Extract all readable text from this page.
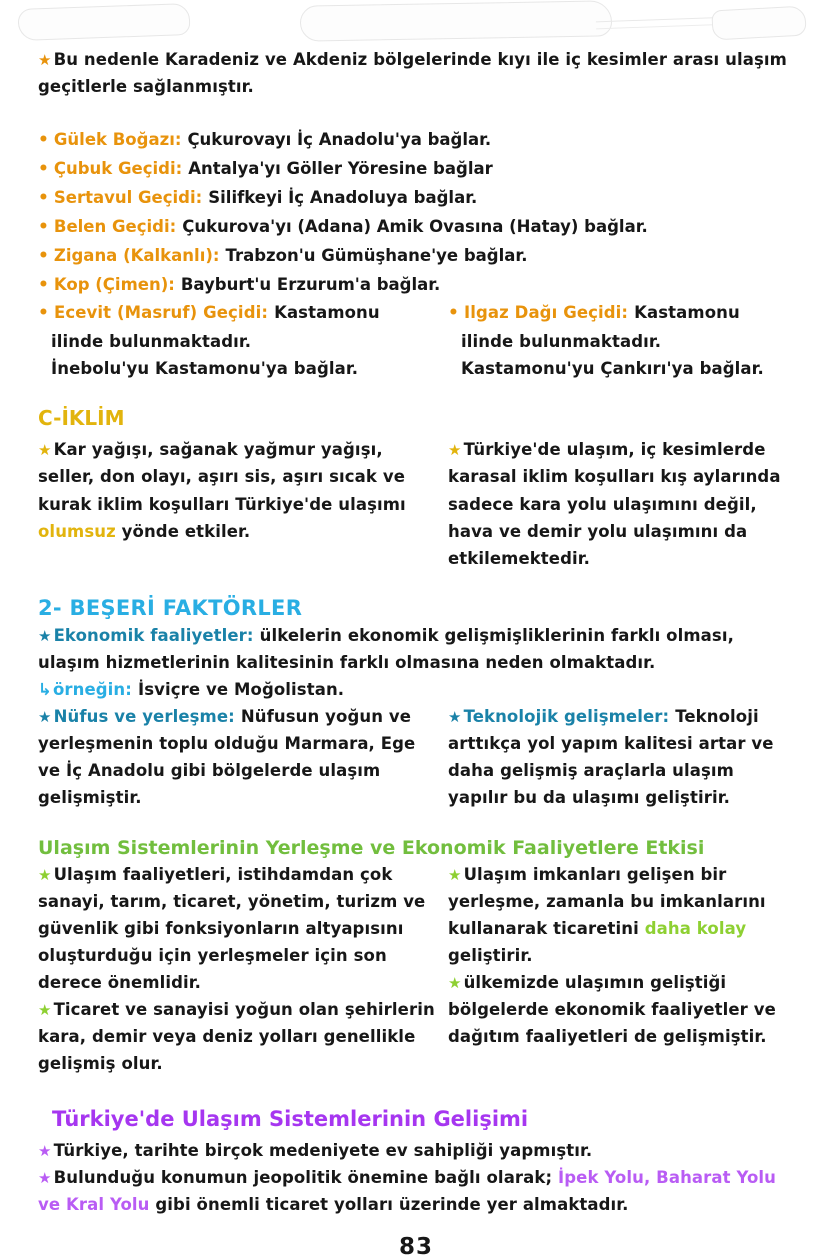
★ Bu nedenle Karadeniz ve Akdeniz bölgelerinde kıyı ile iç kesimler arası ulaşım geçitlerle sağlanmıştır.

• Gülek Boğazı: Çukurovayı İç Anadolu'ya bağlar.
• Çubuk Geçidi: Antalya'yı Göller Yöresine bağlar
• Sertavul Geçidi: Silifkeyi İç Anadoluya bağlar.
• Belen Geçidi: Çukurova'yı (Adana) Amik Ovasına (Hatay) bağlar.
• Zigana (Kalkanlı): Trabzon'u Gümüşhane'ye bağlar.
• Kop (Çimen): Bayburt'u Erzurum'a bağlar.
• Ecevit (Masruf) Geçidi: Kastamonu
ilinde bulunmaktadır.
İnebolu'yu Kastamonu'ya bağlar.
• Ilgaz Dağı Geçidi: Kastamonu
ilinde bulunmaktadır.
Kastamonu'yu Çankırı'ya bağlar.
C-İKLİM

★ Kar yağışı, sağanak yağmur yağışı, seller, don olayı, aşırı sis, aşırı sıcak ve kurak iklim koşulları Türkiye'de ulaşımı olumsuz yönde etkiler.

★ Türkiye'de ulaşım, iç kesimlerde karasal iklim koşulları kış aylarında sadece kara yolu ulaşımını değil, hava ve demir yolu ulaşımını da etkilemektedir.

2- BEŞERİ FAKTÖRLER

★ Ekonomik faaliyetler: ülkelerin ekonomik gelişmişliklerinin farklı olması, ulaşım hizmetlerinin kalitesinin farklı olmasına neden olmaktadır.

↳örneğin: İsviçre ve Moğolistan.

★ Nüfus ve yerleşme: Nüfusun yoğun ve yerleşmenin toplu olduğu Marmara, Ege ve İç Anadolu gibi bölgelerde ulaşım gelişmiştir.

★ Teknolojik gelişmeler: Teknoloji arttıkça yol yapım kalitesi artar ve daha gelişmiş araçlarla ulaşım yapılır bu da ulaşımı geliştirir.

Ulaşım Sistemlerinin Yerleşme ve Ekonomik Faaliyetlere Etkisi

★ Ulaşım faaliyetleri, istihdamdan çok sanayi, tarım, ticaret, yönetim, turizm ve güvenlik gibi fonksiyonların altyapısını oluşturduğu için yerleşmeler için son derece önemlidir.

★ Ticaret ve sanayisi yoğun olan şehirlerin kara, demir veya deniz yolları genellikle gelişmiş olur.

★ Ulaşım imkanları gelişen bir yerleşme, zamanla bu imkanlarını kullanarak ticaretini daha kolay geliştirir.

★ ülkemizde ulaşımın geliştiği bölgelerde ekonomik faaliyetler ve dağıtım faaliyetleri de gelişmiştir.

Türkiye'de Ulaşım Sistemlerinin Gelişimi

★ Türkiye, tarihte birçok medeniyete ev sahipliği yapmıştır.

★ Bulunduğu konumun jeopolitik önemine bağlı olarak; İpek Yolu, Baharat Yolu ve Kral Yolu gibi önemli ticaret yolları üzerinde yer almaktadır.

83
